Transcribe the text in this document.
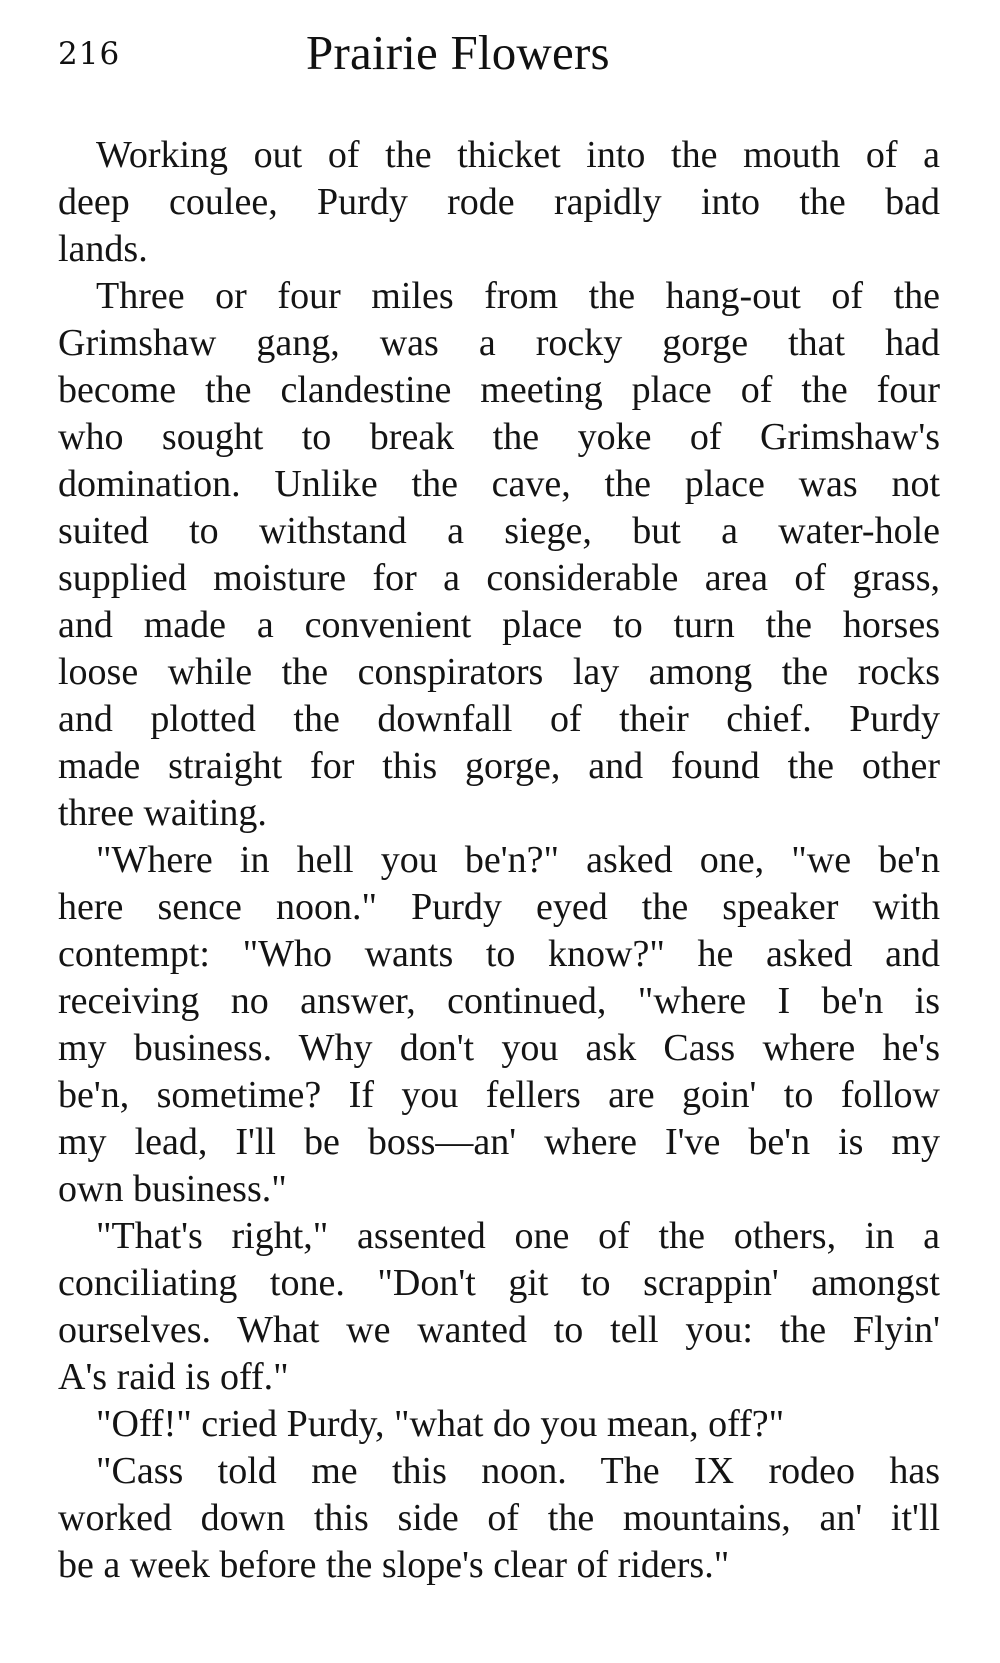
216	Prairie Flowers
Working out of the thicket into the mouth of a
deep coulee, Purdy rode rapidly into the bad
lands.
Three or four miles from the hang-out of the
Grimshaw gang, was a rocky gorge that had
become the clandestine meeting place of the four
who sought to break the yoke of Grimshaw's
domination. Unlike the cave, the place was not
suited to withstand a siege, but a water-hole
supplied moisture for a considerable area of grass,
and made a convenient place to turn the horses
loose while the conspirators lay among the rocks
and plotted the downfall of their chief. Purdy
made straight for this gorge, and found the other
three waiting.
"Where in hell you be'n?" asked one, "we be'n
here sence noon." Purdy eyed the speaker with
contempt: "Who wants to know?" he asked and
receiving no answer, continued, "where I be'n is
my business. Why don't you ask Cass where he's
be'n, sometime? If you fellers are goin' to follow
my lead, I'll be boss—an' where I've be'n is my
own business."
"That's right," assented one of the others, in a
conciliating tone. "Don't git to scrappin' amongst
ourselves. What we wanted to tell you: the Flyin'
A's raid is off."
"Off!" cried Purdy, "what do you mean, off?"
"Cass told me this noon. The IX rodeo has
worked down this side of the mountains, an' it'll
be a week before the slope's clear of riders."
